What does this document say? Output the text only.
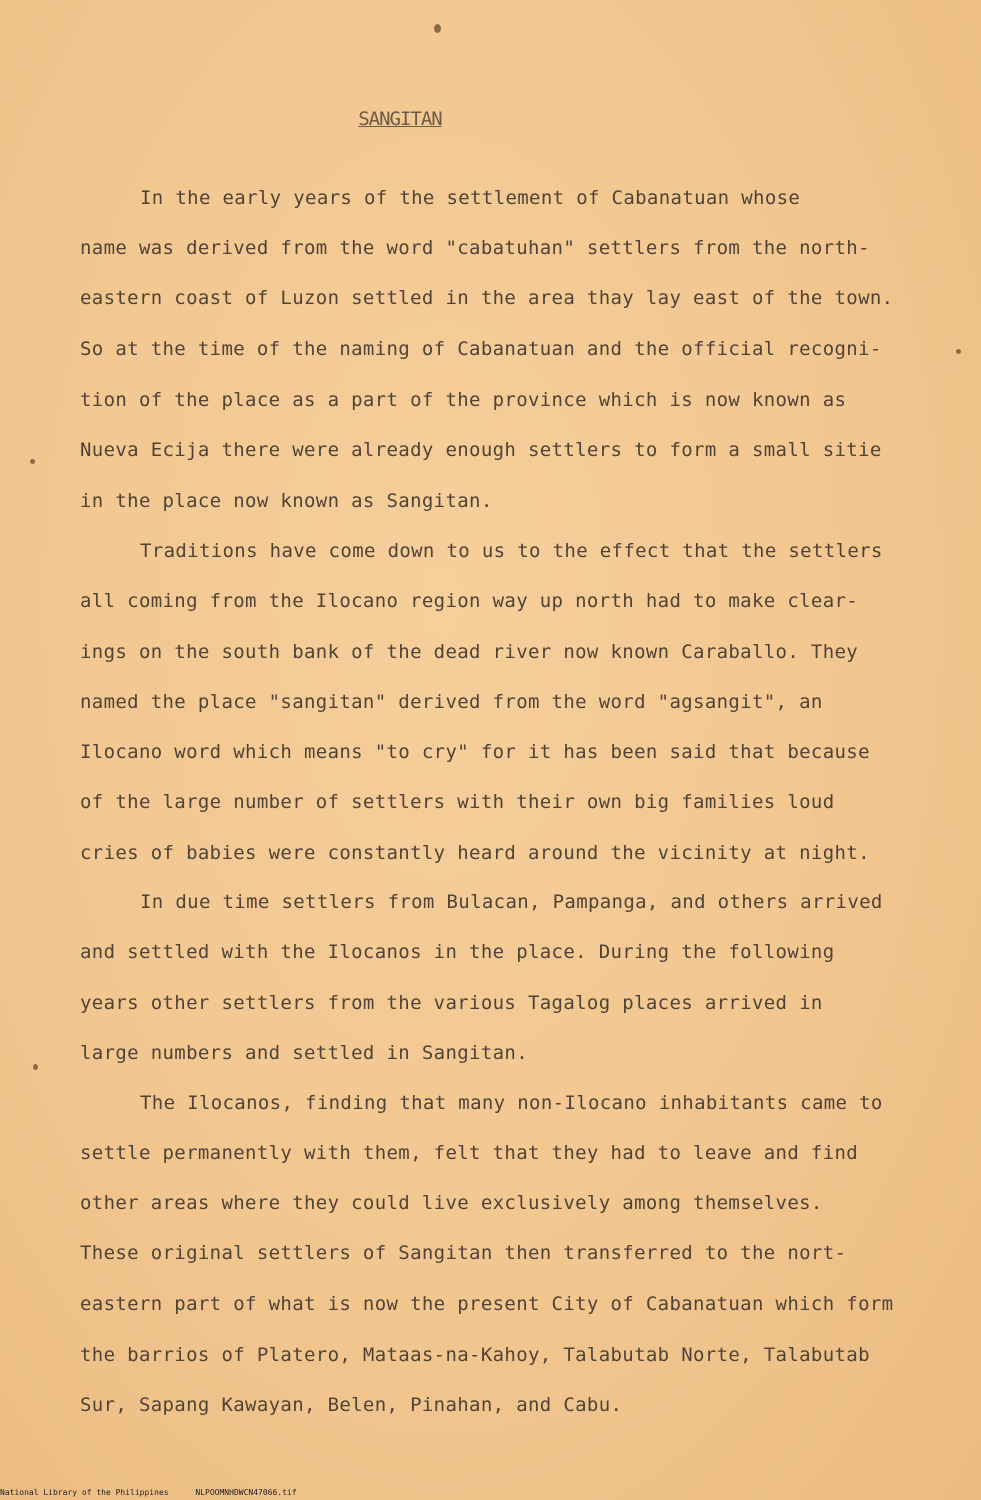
SANGITAN
In the early years of the settlement of Cabanatuan whose
name was derived from the word "cabatuhan" settlers from the north-
eastern coast of Luzon settled in the area thay lay east of the town.
So at the time of the naming of Cabanatuan and the official recogni-
tion of the place as a part of the province which is now known as
Nueva Ecija there were already enough settlers to form a small sitie
in the place now known as Sangitan.
Traditions have come down to us to the effect that the settlers
all coming from the Ilocano region way up north had to make clear-
ings on the south bank of the dead river now known Caraballo. They
named the place "sangitan" derived from the word "agsangit", an
Ilocano word which means "to cry" for it has been said that because
of the large number of settlers with their own big families loud
cries of babies were constantly heard around the vicinity at night.
In due time settlers from Bulacan, Pampanga, and others arrived
and settled with the Ilocanos in the place. During the following
years other settlers from the various Tagalog places arrived in
large numbers and settled in Sangitan.
The Ilocanos, finding that many non-Ilocano inhabitants came to
settle permanently with them, felt that they had to leave and find
other areas where they could live exclusively among themselves.
These original settlers of Sangitan then transferred to the nort-
eastern part of what is now the present City of Cabanatuan which form
the barrios of Platero, Mataas-na-Kahoy, Talabutab Norte, Talabutab
Sur, Sapang Kawayan, Belen, Pinahan, and Cabu.
National Library of the Philippines	NLPOOMNHDWCN47066.tif
